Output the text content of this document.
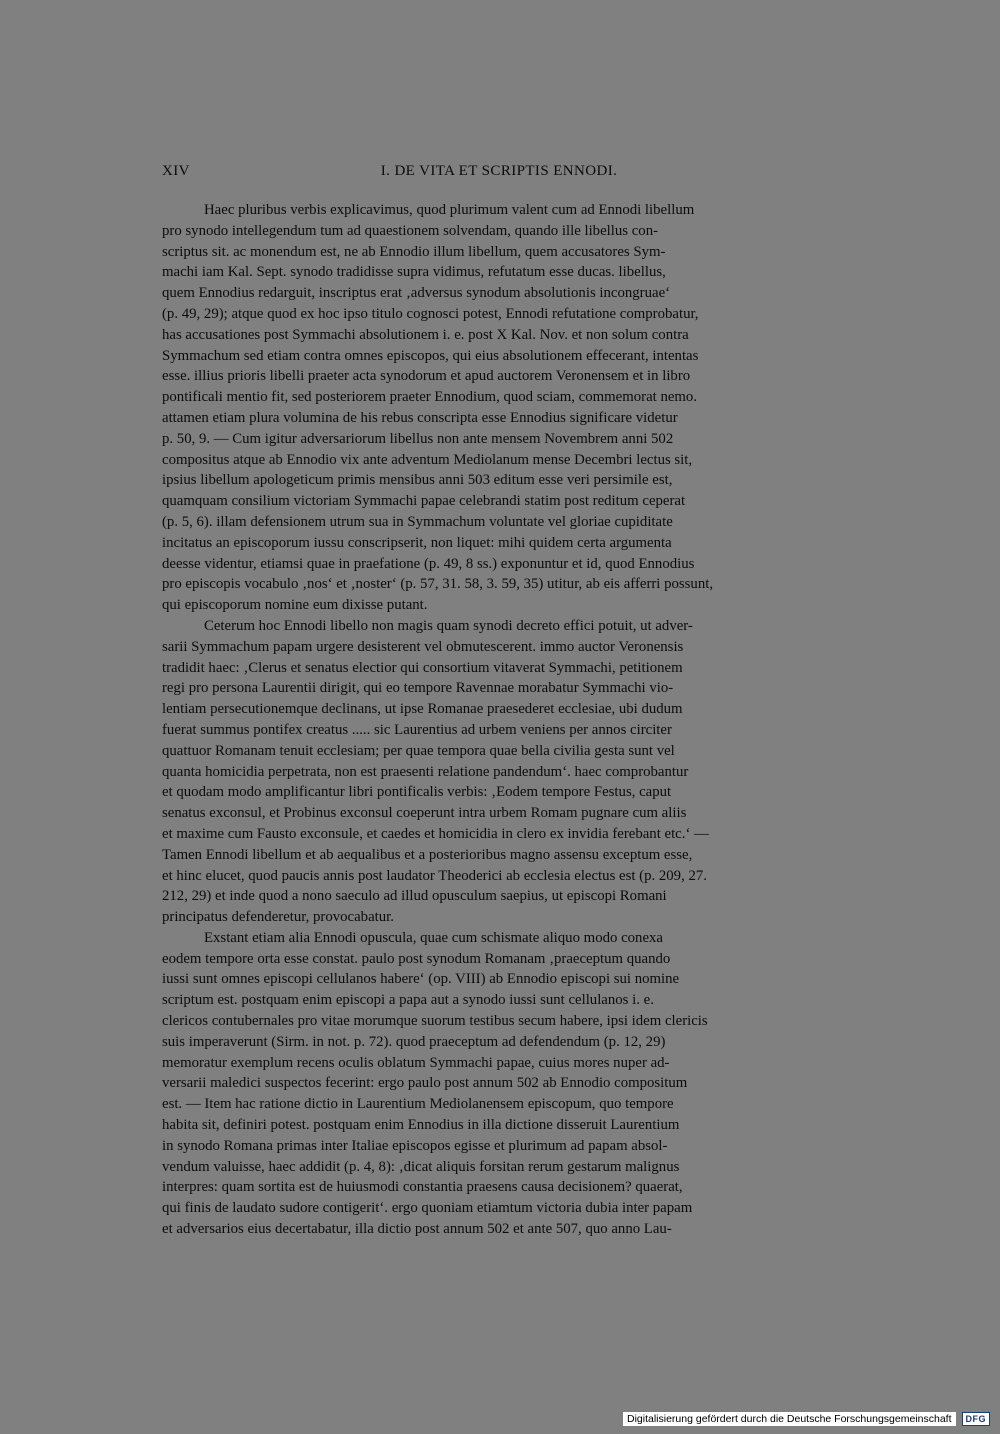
XIV	I. DE VITA ET SCRIPTIS ENNODI.
Haec pluribus verbis explicavimus, quod plurimum valent cum ad Ennodi libellum
pro synodo intellegendum tum ad quaestionem solvendam, quando ille libellus con-
scriptus sit. ac monendum est, ne ab Ennodio illum libellum, quem accusatores Sym-
machi iam Kal. Sept. synodo tradidisse supra vidimus, refutatum esse ducas. libellus,
quem Ennodius redarguit, inscriptus erat ‚adversus synodum absolutionis incongruae‘
(p. 49, 29); atque quod ex hoc ipso titulo cognosci potest, Ennodi refutatione comprobatur,
has accusationes post Symmachi absolutionem i. e. post X Kal. Nov. et non solum contra
Symmachum sed etiam contra omnes episcopos, qui eius absolutionem effecerant, intentas
esse. illius prioris libelli praeter acta synodorum et apud auctorem Veronensem et in libro
pontificali mentio fit, sed posteriorem praeter Ennodium, quod sciam, commemorat nemo.
attamen etiam plura volumina de his rebus conscripta esse Ennodius significare videtur
p. 50, 9. — Cum igitur adversariorum libellus non ante mensem Novembrem anni 502
compositus atque ab Ennodio vix ante adventum Mediolanum mense Decembri lectus sit,
ipsius libellum apologeticum primis mensibus anni 503 editum esse veri persimile est,
quamquam consilium victoriam Symmachi papae celebrandi statim post reditum ceperat
(p. 5, 6). illam defensionem utrum sua in Symmachum voluntate vel gloriae cupiditate
incitatus an episcoporum iussu conscripserit, non liquet: mihi quidem certa argumenta
deesse videntur, etiamsi quae in praefatione (p. 49, 8 ss.) exponuntur et id, quod Ennodius
pro episcopis vocabulo ‚nos‘ et ‚noster‘ (p. 57, 31. 58, 3. 59, 35) utitur, ab eis afferri possunt,
qui episcoporum nomine eum dixisse putant.
Ceterum hoc Ennodi libello non magis quam synodi decreto effici potuit, ut adver-
sarii Symmachum papam urgere desisterent vel obmutescerent. immo auctor Veronensis
tradidit haec: ‚Clerus et senatus electior qui consortium vitaverat Symmachi, petitionem
regi pro persona Laurentii dirigit, qui eo tempore Ravennae morabatur Symmachi vio-
lentiam persecutionemque declinans, ut ipse Romanae praesederet ecclesiae, ubi dudum
fuerat summus pontifex creatus ..... sic Laurentius ad urbem veniens per annos circiter
quattuor Romanam tenuit ecclesiam; per quae tempora quae bella civilia gesta sunt vel
quanta homicidia perpetrata, non est praesenti relatione pandendum‘. haec comprobantur
et quodam modo amplificantur libri pontificalis verbis: ‚Eodem tempore Festus, caput
senatus exconsul, et Probinus exconsul coeperunt intra urbem Romam pugnare cum aliis
et maxime cum Fausto exconsule, et caedes et homicidia in clero ex invidia ferebant etc.‘ —
Tamen Ennodi libellum et ab aequalibus et a posterioribus magno assensu exceptum esse,
et hinc elucet, quod paucis annis post laudator Theoderici ab ecclesia electus est (p. 209, 27.
212, 29) et inde quod a nono saeculo ad illud opusculum saepius, ut episcopi Romani
principatus defenderetur, provocabatur.
Exstant etiam alia Ennodi opuscula, quae cum schismate aliquo modo conexa
eodem tempore orta esse constat. paulo post synodum Romanam ‚praeceptum quando
iussi sunt omnes episcopi cellulanos habere‘ (op. VIII) ab Ennodio episcopi sui nomine
scriptum est. postquam enim episcopi a papa aut a synodo iussi sunt cellulanos i. e.
clericos contubernales pro vitae morumque suorum testibus secum habere, ipsi idem clericis
suis imperaverunt (Sirm. in not. p. 72). quod praeceptum ad defendendum (p. 12, 29)
memoratur exemplum recens oculis oblatum Symmachi papae, cuius mores nuper ad-
versarii maledici suspectos fecerint: ergo paulo post annum 502 ab Ennodio compositum
est. — Item hac ratione dictio in Laurentium Mediolanensem episcopum, quo tempore
habita sit, definiri potest. postquam enim Ennodius in illa dictione disseruit Laurentium
in synodo Romana primas inter Italiae episcopos egisse et plurimum ad papam absol-
vendum valuisse, haec addidit (p. 4, 8): ‚dicat aliquis forsitan rerum gestarum malignus
interpres: quam sortita est de huiusmodi constantia praesens causa decisionem? quaerat,
qui finis de laudato sudore contigerit‘. ergo quoniam etiamtum victoria dubia inter papam
et adversarios eius decertabatur, illa dictio post annum 502 et ante 507, quo anno Lau-
Digitalisierung gefördert durch die Deutsche Forschungsgemeinschaft	DFG
